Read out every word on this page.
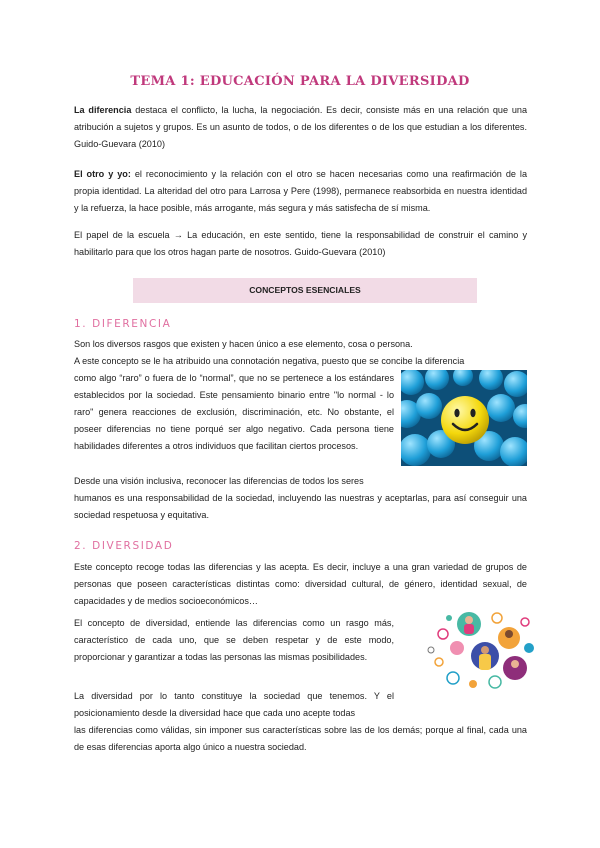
TEMA 1: EDUCACIÓN PARA LA DIVERSIDAD
La diferencia destaca el conflicto, la lucha, la negociación. Es decir, consiste más en una relación que una atribución a sujetos y grupos. Es un asunto de todos, o de los diferentes o de los que estudian a los diferentes. Guido-Guevara (2010)
El otro y yo: el reconocimiento y la relación con el otro se hacen necesarias como una reafirmación de la propia identidad. La alteridad del otro para Larrosa y Pere (1998), permanece reabsorbida en nuestra identidad y la refuerza, la hace posible, más arrogante, más segura y más satisfecha de sí misma.
El papel de la escuela → La educación, en este sentido, tiene la responsabilidad de construir el camino y habilitarlo para que los otros hagan parte de nosotros. Guido-Guevara (2010)
CONCEPTOS ESENCIALES
1. DIFERENCIA
Son los diversos rasgos que existen y hacen único a ese elemento, cosa o persona.
A este concepto se le ha atribuido una connotación negativa, puesto que se concibe la diferencia
como algo “raro” o fuera de lo “normal”, que no se pertenece a los estándares establecidos por la sociedad. Este pensamiento binario entre "lo normal - lo raro" genera reacciones de exclusión, discriminación, etc. No obstante, el poseer diferencias no tiene porqué ser algo negativo. Cada persona tiene habilidades diferentes a otros individuos que facilitan ciertos procesos.
Desde una visión inclusiva, reconocer las diferencias de todos los seres
humanos es una responsabilidad de la sociedad, incluyendo las nuestras y aceptarlas, para así conseguir una sociedad respetuosa y equitativa.
2. DIVERSIDAD
Este concepto recoge todas las diferencias y las acepta. Es decir, incluye a una gran variedad de grupos de personas que poseen características distintas como: diversidad cultural, de género, identidad sexual, de capacidades y de medios socioeconómicos…
El concepto de diversidad, entiende las diferencias como un rasgo más, característico de cada uno, que se deben respetar y de este modo, proporcionar y garantizar a todas las personas las mismas posibilidades.
La diversidad por lo tanto constituye la sociedad que tenemos. Y el posicionamiento desde la diversidad hace que cada uno acepte todas
las diferencias como válidas, sin imponer sus características sobre las de los demás; porque al final, cada una de esas diferencias aporta algo único a nuestra sociedad.
